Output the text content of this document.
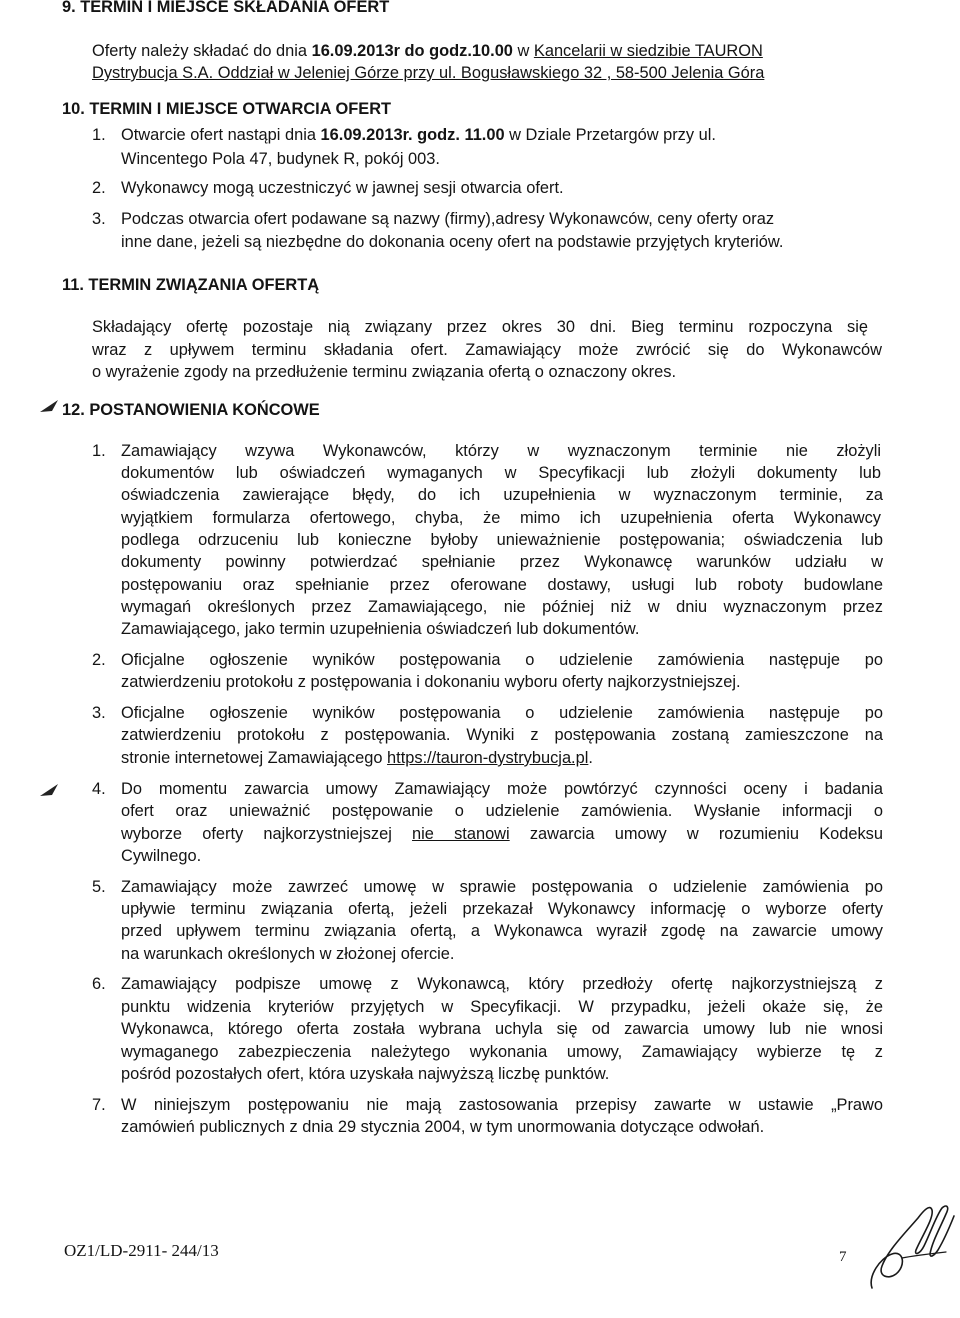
9. TERMIN I MIEJSCE SKŁADANIA OFERT
Oferty należy składać do dnia 16.09.2013r do godz.10.00 w Kancelarii w siedzibie TAURON
Dystrybucja S.A. Oddział w Jeleniej Górze przy ul. Bogusławskiego 32 , 58-500 Jelenia Góra
10. TERMIN I MIEJSCE OTWARCIA OFERT
1. Otwarcie ofert nastąpi dnia 16.09.2013r. godz. 11.00 w Dziale Przetargów przy ul.
Wincentego Pola 47, budynek R, pokój 003.
2. Wykonawcy mogą uczestniczyć w jawnej sesji otwarcia ofert.
3. Podczas otwarcia ofert podawane są nazwy (firmy),adresy Wykonawców, ceny oferty oraz
inne dane, jeżeli są niezbędne do dokonania oceny ofert na podstawie przyjętych kryteriów.
11. TERMIN ZWIĄZANIA OFERTĄ
Składający ofertę pozostaje nią związany przez okres 30 dni. Bieg terminu rozpoczyna się
wraz z upływem terminu składania ofert. Zamawiający może zwrócić się do Wykonawców
o wyrażenie zgody na przedłużenie terminu związania ofertą o oznaczony okres.
12. POSTANOWIENIA KOŃCOWE
1. Zamawiający wzywa Wykonawców, którzy w wyznaczonym terminie nie złożyli
dokumentów lub oświadczeń wymaganych w Specyfikacji lub złożyli dokumenty lub
oświadczenia zawierające błędy, do ich uzupełnienia w wyznaczonym terminie, za
wyjątkiem formularza ofertowego, chyba, że mimo ich uzupełnienia oferta Wykonawcy
podlega odrzuceniu lub konieczne byłoby unieważnienie postępowania; oświadczenia lub
dokumenty powinny potwierdzać spełnianie przez Wykonawcę warunków udziału w
postępowaniu oraz spełnianie przez oferowane dostawy, usługi lub roboty budowlane
wymagań określonych przez Zamawiającego, nie później niż w dniu wyznaczonym przez
Zamawiającego, jako termin uzupełnienia oświadczeń lub dokumentów.
2. Oficjalne ogłoszenie wyników postępowania o udzielenie zamówienia następuje po
zatwierdzeniu protokołu z postępowania i dokonaniu wyboru oferty najkorzystniejszej.
3. Oficjalne ogłoszenie wyników postępowania o udzielenie zamówienia następuje po
zatwierdzeniu protokołu z postępowania. Wyniki z postępowania zostaną zamieszczone na
stronie internetowej Zamawiającego https://tauron-dystrybucja.pl.
4. Do momentu zawarcia umowy Zamawiający może powtórzyć czynności oceny i badania
ofert oraz unieważnić postępowanie o udzielenie zamówienia. Wysłanie informacji o
wyborze oferty najkorzystniejszej nie stanowi zawarcia umowy w rozumieniu Kodeksu
Cywilnego.
5. Zamawiający może zawrzeć umowę w sprawie postępowania o udzielenie zamówienia po
upływie terminu związania ofertą, jeżeli przekazał Wykonawcy informację o wyborze oferty
przed upływem terminu związania ofertą, a Wykonawca wyraził zgodę na zawarcie umowy
na warunkach określonych w złożonej ofercie.
6. Zamawiający podpisze umowę z Wykonawcą, który przedłoży ofertę najkorzystniejszą z
punktu widzenia kryteriów przyjętych w Specyfikacji. W przypadku, jeżeli okaże się, że
Wykonawca, którego oferta została wybrana uchyla się od zawarcia umowy lub nie wnosi
wymaganego zabezpieczenia należytego wykonania umowy, Zamawiający wybierze tę z
pośród pozostałych ofert, która uzyskała najwyższą liczbę punktów.
7. W niniejszym postępowaniu nie mają zastosowania przepisy zawarte w ustawie „Prawo
zamówień publicznych z dnia 29 stycznia 2004, w tym unormowania dotyczące odwołań.
OZ1/LD-2911- 244/13	7
